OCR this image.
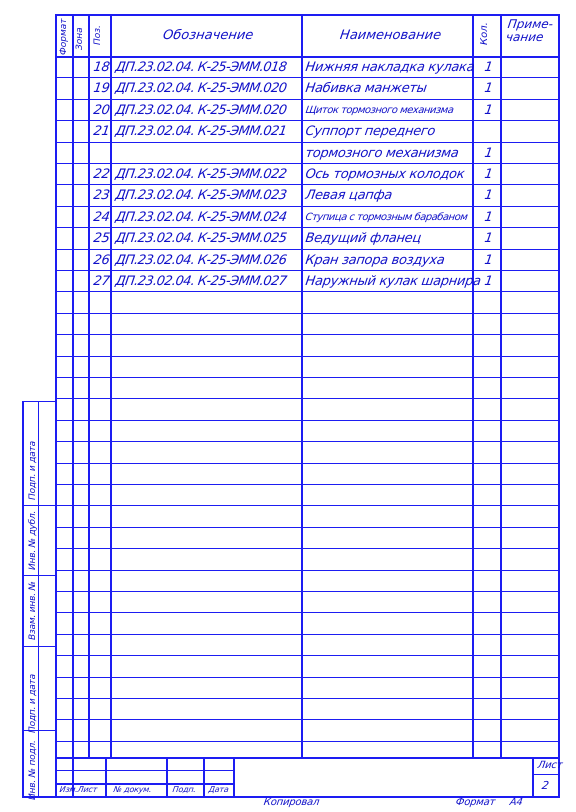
Формат Зона Поз.	Обозначение	Наименование	Кол. Приме-
чание
18 ДП.23.02.04. К-25-ЭММ.018 Нижняя накладка кулака 1
19 ДП.23.02.04. К-25-ЭММ.020 Набивка манжеты	1
20 ДП.23.02.04. К-25-ЭММ.020 Щиток тормозного механизма 1
21 ДП.23.02.04. К-25-ЭММ.021 Суппорт переднего
тормозного механизма 1
22 ДП.23.02.04. К-25-ЭММ.022 Ось тормозных колодок 1
23 ДП.23.02.04. К-25-ЭММ.023 Левая цапфа	1
24 ДП.23.02.04. К-25-ЭММ.024 Ступица с тормозным барабаном 1
25 ДП.23.02.04. К-25-ЭММ.025 Ведущий фланец	1
26 ДП.23.02.04. К-25-ЭММ.026 Кран запора воздуха	1
27 ДП.23.02.04. К-25-ЭММ.027 Наружный кулак шарнира 1
Подп. и дата
Инв. № дубл.
Взам. инв. №
Подп. и дата
Инв. № подл.	Изм.
Лист № докум. Подп. Дата
Лист
2
Копировал	Формат А4
